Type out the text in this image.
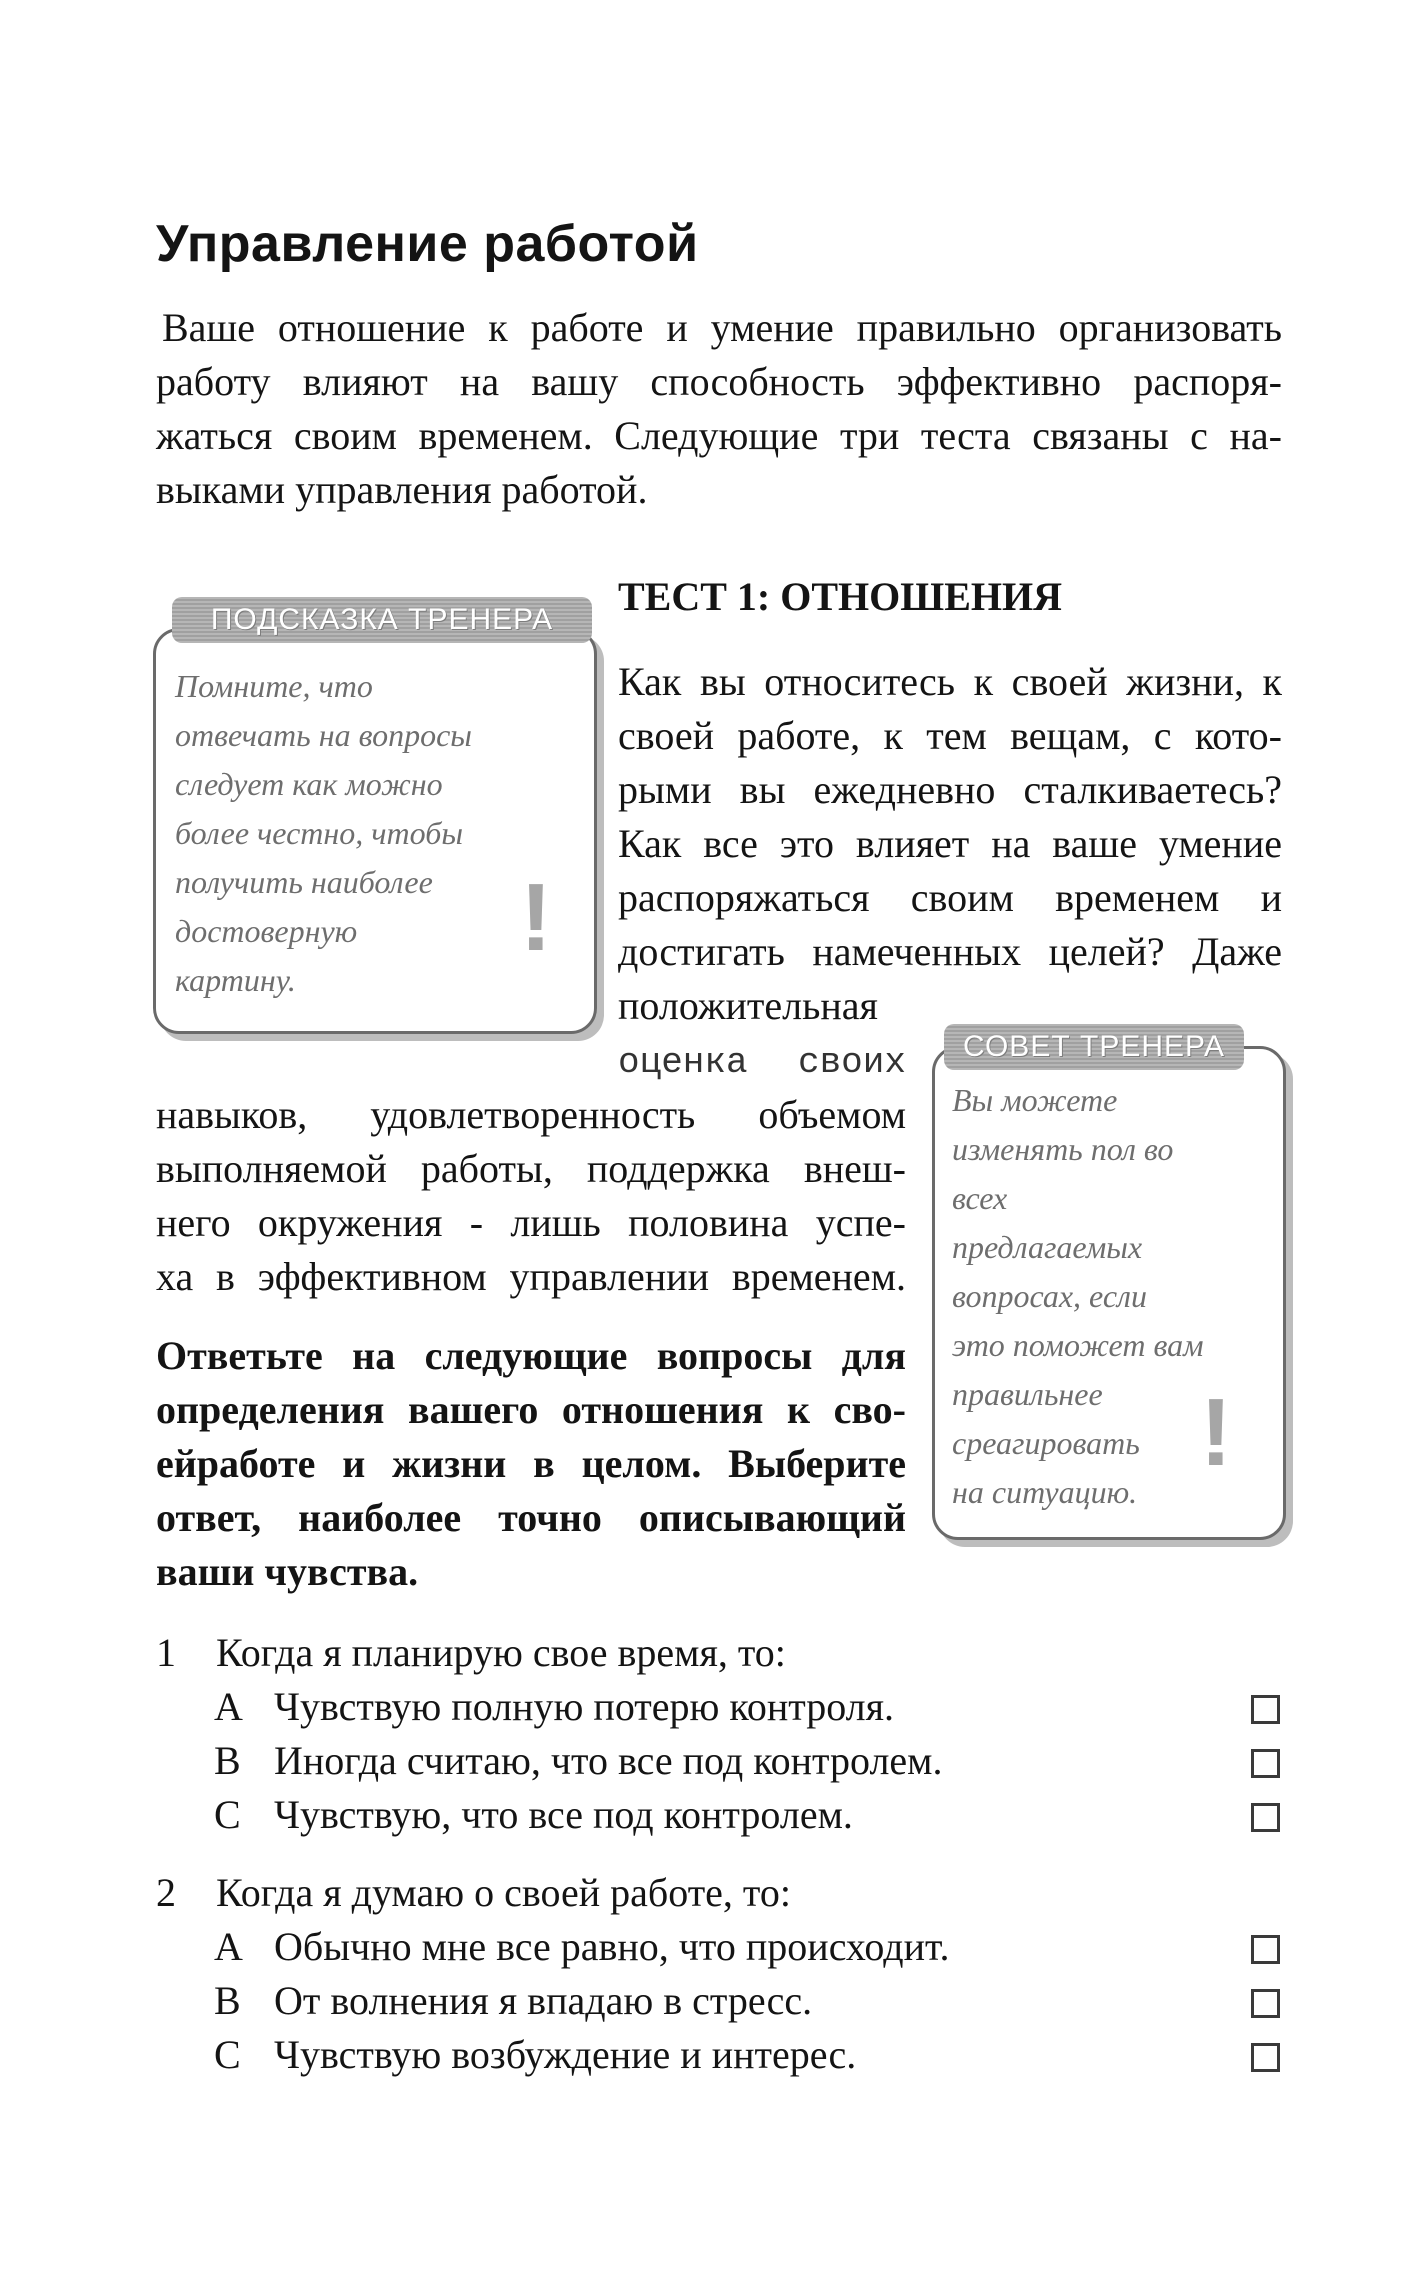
Управление работой
Ваше отношение к работе и умение правильно организовать
работу влияют на вашу способность эффективно распоря-
жаться своим временем. Следующие три теста связаны с на-
выками управления работой.
ПОДСКАЗКА ТРЕНЕРА
Помните, что
отвечать на вопросы
следует как можно
более честно, чтобы
получить наиболее
достоверную
картину.
!
ТЕСТ 1: ОТНОШЕНИЯ
Как вы относитесь к своей жизни, к
своей работе, к тем вещам, с кото-
рыми вы ежедневно сталкиваетесь?
Как все это влияет на ваше умение
распоряжаться своим временем и
достигать намеченных целей? Даже
положительная
оценка своих
навыков, удовлетворенность объемом
выполняемой работы, поддержка внеш-
него окружения - лишь половина успе-
ха в эффективном управлении временем.
СОВЕТ ТРЕНЕРА
Вы можете
изменять пол во
всех
предлагаемых
вопросах, если
это поможет вам
правильнее
среагировать
на ситуацию.
!
Ответьте на следующие вопросы для
определения вашего отношения к сво-
ейработе и жизни в целом. Выберите
ответ, наиболее точно описывающий
ваши чувства.
1 Когда я планирую свое время, то:
A Чувствую полную потерю контроля.
B Иногда считаю, что все под контролем.
C Чувствую, что все под контролем.
2 Когда я думаю о своей работе, то:
A Обычно мне все равно, что происходит.
B От волнения я впадаю в стресс.
C Чувствую возбуждение и интерес.
